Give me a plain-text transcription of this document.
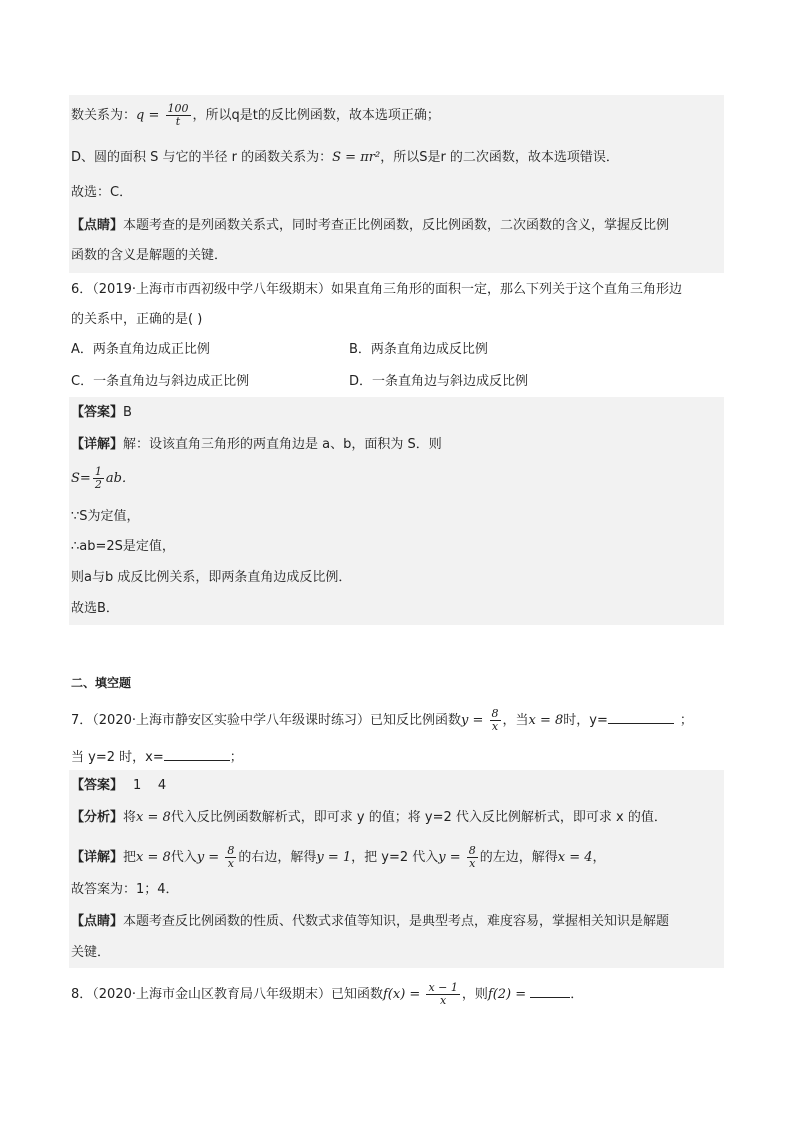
数关系为：$q = \frac{100}{t}$ ，所以q是t的反比例函数，故本选项正确；
D、圆的面积 S 与它的半径 r 的函数关系为：S = πr²，所以S是r 的二次函数，故本选项错误．
故选：C．
【点睛】本题考查的是列函数关系式，同时考查正比例函数，反比例函数，二次函数的含义，掌握反比例
函数的含义是解题的关键．
6．（2019·上海市市西初级中学八年级期末）如果直角三角形的面积一定，那么下列关于这个直角三角形边
的关系中，正确的是( )
A．两条直角边成正比例	B．两条直角边成反比例
C．一条直角边与斜边成正比例	D．一条直角边与斜边成反比例
【答案】B
【详解】解：设该直角三角形的两直角边是 a、b，面积为 S．则
$S= \frac{1}{2}$ ab．
∵S为定值，
∴ab=2S是定值，
则a与b 成反比例关系，即两条直角边成反比例．
故选B．
二、填空题
7．（2020·上海市静安区实验中学八年级课时练习）已知反比例函数$y = \frac{8}{x}$ ，当x = 8时，y=	；
当 y=2 时，x=	；
【答案】 1    4
【分析】将x = 8代入反比例函数解析式，即可求 y 的值；将 y=2 代入反比例解析式，即可求 x 的值．
【详解】把x = 8代入$y = \frac{8}{x}$ 的右边，解得y = 1，把 y=2 代入$y = \frac{8}{x}$ 的左边，解得x = 4，
故答案为：1；4．
【点睛】本题考查反比例函数的性质、代数式求值等知识，是典型考点，难度容易，掌握相关知识是解题
关键．
8．（2020·上海市金山区教育局八年级期末）已知函数$f(x) = \frac{x - 1}{x}$ ，则f(2) =	．
